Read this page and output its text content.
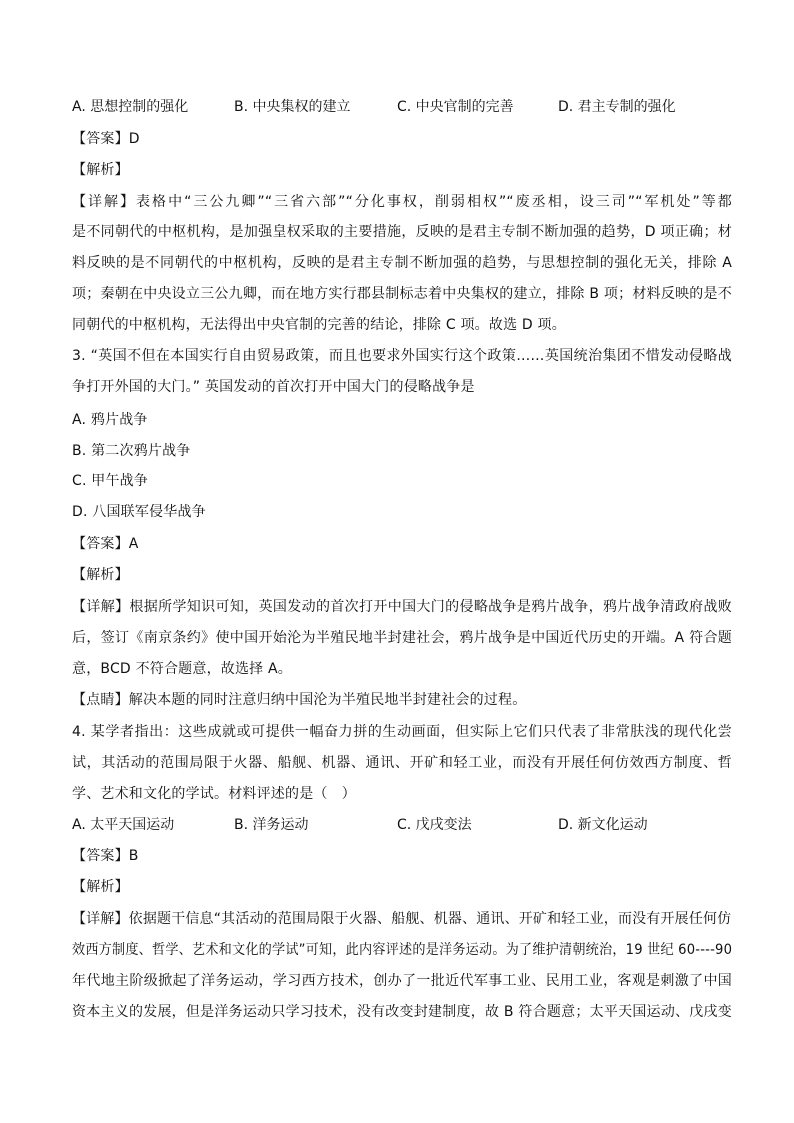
A. 思想控制的强化	B. 中央集权的建立	C. 中央官制的完善	D. 君主专制的强化
【答案】D
【解析】
【详解】表格中“三公九卿”“三省六部”“分化事权，削弱相权”“废丞相，设三司”“军机处”等都
是不同朝代的中枢机构，是加强皇权采取的主要措施，反映的是君主专制不断加强的趋势，D 项正确；材
料反映的是不同朝代的中枢机构，反映的是君主专制不断加强的趋势，与思想控制的强化无关，排除 A
项；秦朝在中央设立三公九卿，而在地方实行郡县制标志着中央集权的建立，排除 B 项；材料反映的是不
同朝代的中枢机构，无法得出中央官制的完善的结论，排除 C 项。故选 D 项。
3. “英国不但在本国实行自由贸易政策，而且也要求外国实行这个政策……英国统治集团不惜发动侵略战
争打开外国的大门。” 英国发动的首次打开中国大门的侵略战争是
A. 鸦片战争
B. 第二次鸦片战争
C. 甲午战争
D. 八国联军侵华战争
【答案】A
【解析】
【详解】根据所学知识可知，英国发动的首次打开中国大门的侵略战争是鸦片战争，鸦片战争清政府战败
后，签订《南京条约》使中国开始沦为半殖民地半封建社会，鸦片战争是中国近代历史的开端。A 符合题
意，BCD 不符合题意，故选择 A。
【点睛】解决本题的同时注意归纳中国沦为半殖民地半封建社会的过程。
4. 某学者指出：这些成就或可提供一幅奋力拼的生动画面，但实际上它们只代表了非常肤浅的现代化尝
试，其活动的范围局限于火器、船舰、机器、通讯、开矿和轻工业，而没有开展任何仿效西方制度、哲
学、艺术和文化的学试。材料评述的是（　）
A. 太平天国运动	B. 洋务运动	C. 戊戌变法	D. 新文化运动
【答案】B
【解析】
【详解】依据题干信息“其活动的范围局限于火器、船舰、机器、通讯、开矿和轻工业，而没有开展任何仿
效西方制度、哲学、艺术和文化的学试”可知，此内容评述的是洋务运动。为了维护清朝统治，19 世纪 60----90
年代地主阶级掀起了洋务运动，学习西方技术，创办了一批近代军事工业、民用工业，客观是刺激了中国
资本主义的发展，但是洋务运动只学习技术，没有改变封建制度，故 B 符合题意；太平天国运动、戊戌变
